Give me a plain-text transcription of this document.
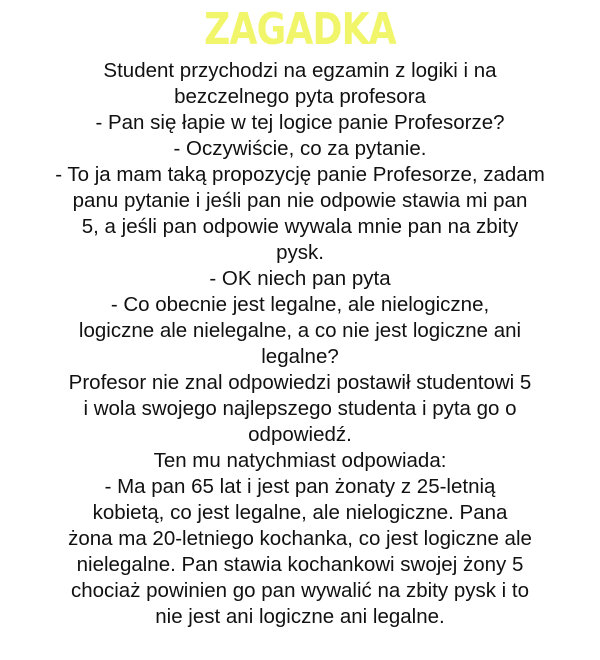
ZAGADKA
Student przychodzi na egzamin z logiki i na
bezczelnego pyta profesora
- Pan się łapie w tej logice panie Profesorze?
- Oczywiście, co za pytanie.
- To ja mam taką propozycję panie Profesorze, zadam
panu pytanie i jeśli pan nie odpowie stawia mi pan
5, a jeśli pan odpowie wywala mnie pan na zbity
pysk.
- OK niech pan pyta
- Co obecnie jest legalne, ale nielogiczne,
logiczne ale nielegalne, a co nie jest logiczne ani
legalne?
Profesor nie znal odpowiedzi postawił studentowi 5
i wola swojego najlepszego studenta i pyta go o
odpowiedź.
Ten mu natychmiast odpowiada:
- Ma pan 65 lat i jest pan żonaty z 25-letnią
kobietą, co jest legalne, ale nielogiczne. Pana
żona ma 20-letniego kochanka, co jest logiczne ale
nielegalne. Pan stawia kochankowi swojej żony 5
chociaż powinien go pan wywalić na zbity pysk i to
nie jest ani logiczne ani legalne.
